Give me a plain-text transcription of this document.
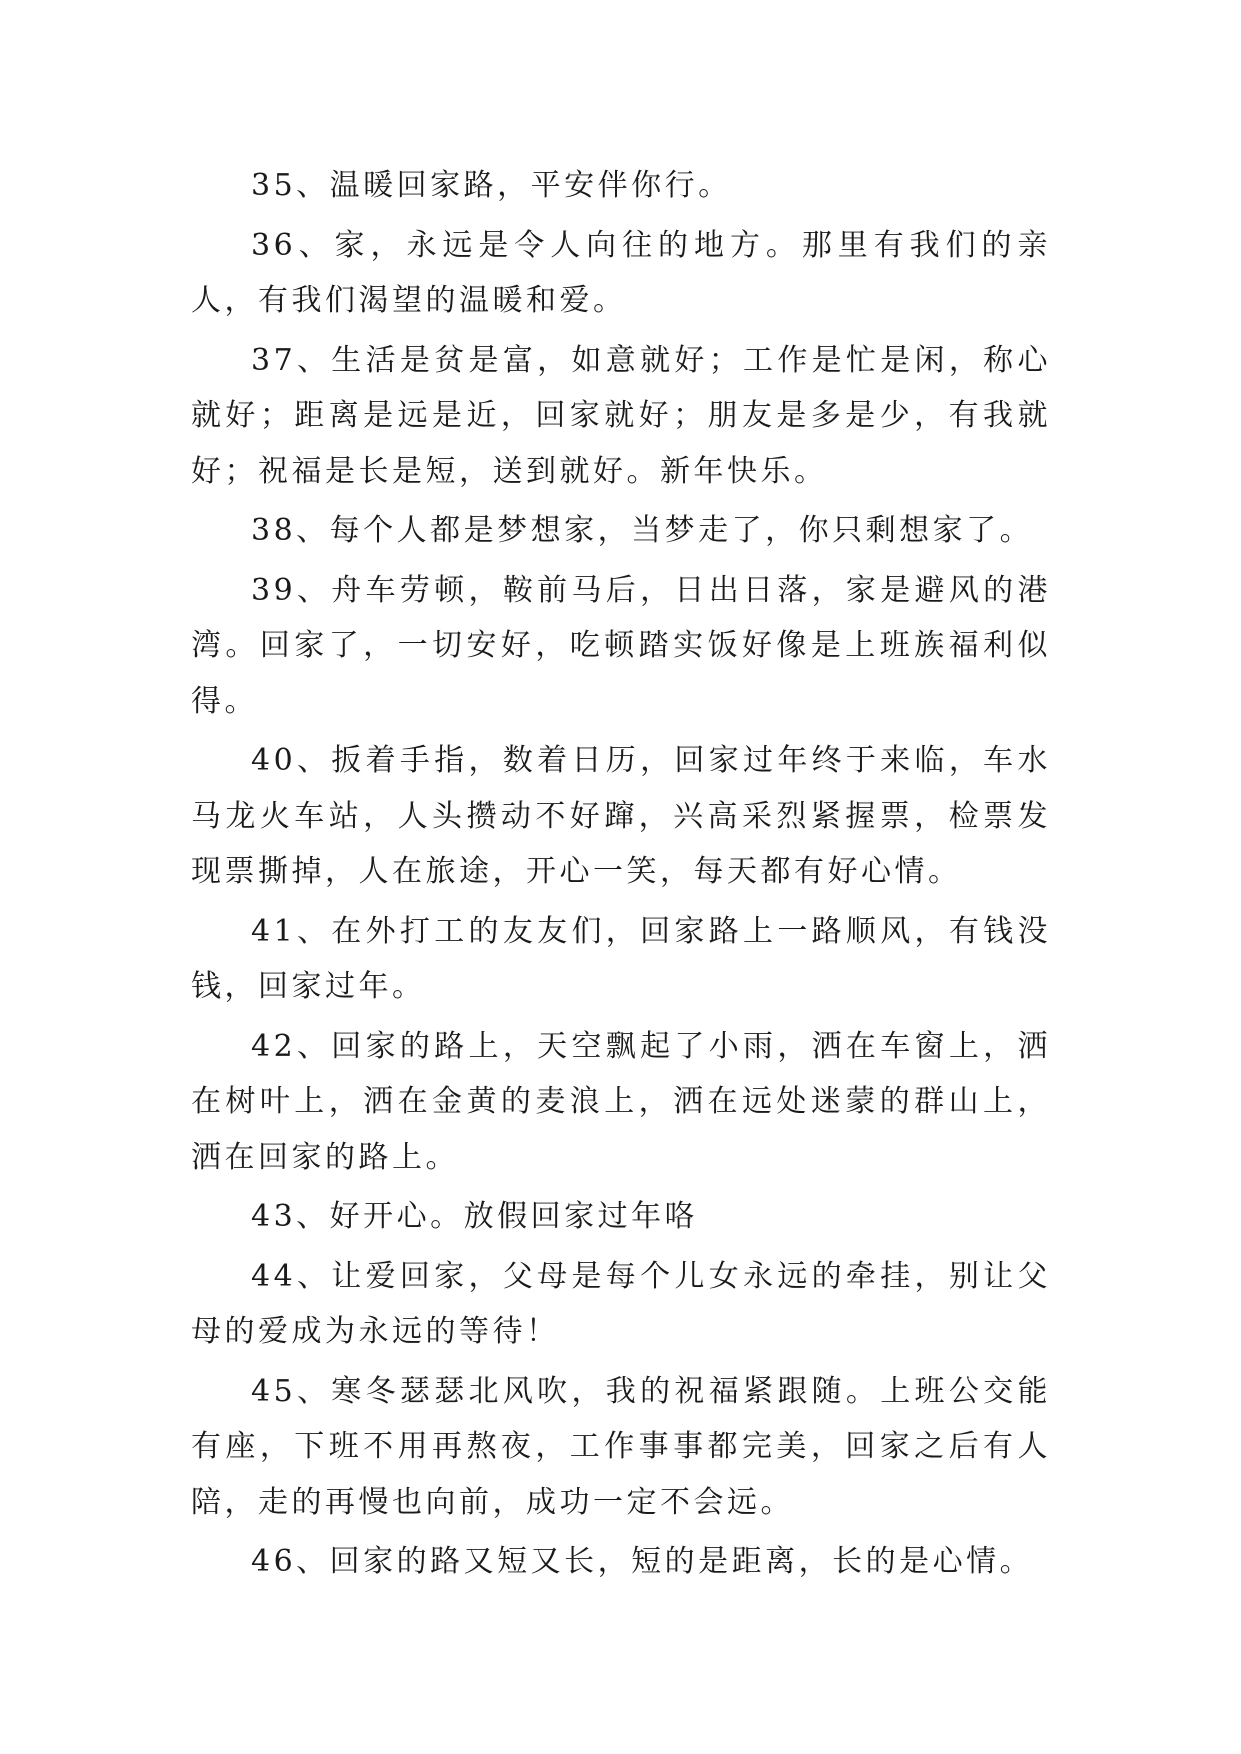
35、温暖回家路，平安伴你行。

36、家，永远是令人向往的地方。那里有我们的亲人，有我们渴望的温暖和爱。

37、生活是贫是富，如意就好；工作是忙是闲，称心就好；距离是远是近，回家就好；朋友是多是少，有我就好；祝福是长是短，送到就好。新年快乐。

38、每个人都是梦想家，当梦走了，你只剩想家了。

39、舟车劳顿，鞍前马后，日出日落，家是避风的港湾。回家了，一切安好，吃顿踏实饭好像是上班族福利似得。

40、扳着手指，数着日历，回家过年终于来临，车水马龙火车站，人头攒动不好蹿，兴高采烈紧握票，检票发现票撕掉，人在旅途，开心一笑，每天都有好心情。

41、在外打工的友友们，回家路上一路顺风，有钱没钱，回家过年。

42、回家的路上，天空飘起了小雨，洒在车窗上，洒在树叶上，洒在金黄的麦浪上，洒在远处迷蒙的群山上，洒在回家的路上。

43、好开心。放假回家过年咯

44、让爱回家，父母是每个儿女永远的牵挂，别让父母的爱成为永远的等待！

45、寒冬瑟瑟北风吹，我的祝福紧跟随。上班公交能有座，下班不用再熬夜，工作事事都完美，回家之后有人陪，走的再慢也向前，成功一定不会远。

46、回家的路又短又长，短的是距离，长的是心情。
